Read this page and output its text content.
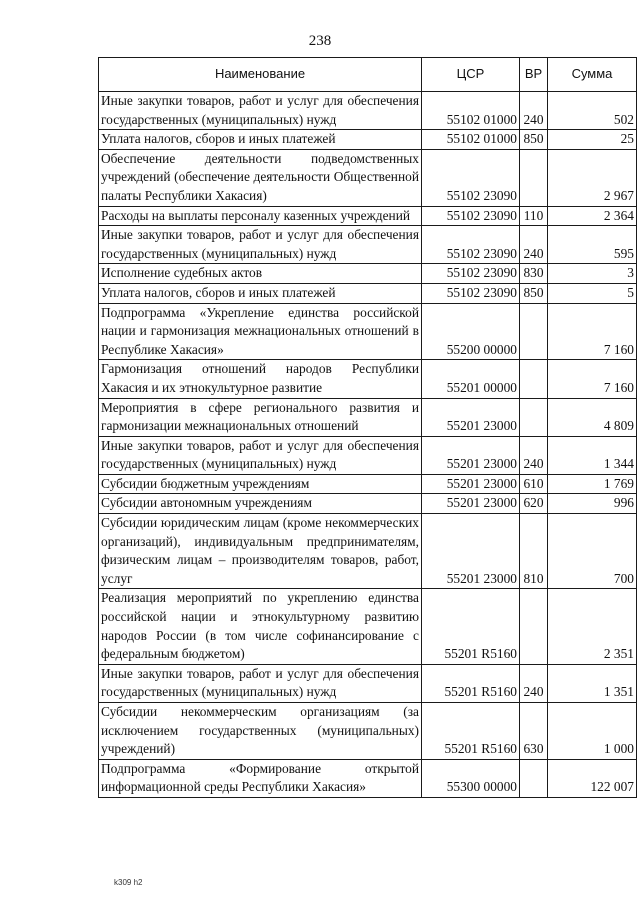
238
Наименование	ЦСР	ВР	Сумма
Иные закупки товаров, работ и услуг для обеспечения государственных (муниципальных) нужд	55102 01000	240	502
Уплата налогов, сборов и иных платежей	55102 01000	850	25
Обеспечение деятельности подведомственных учреждений (обеспечение деятельности Общественной палаты Республики Хакасия)	55102 23090		2 967
Расходы на выплаты персоналу казенных учреждений	55102 23090	110	2 364
Иные закупки товаров, работ и услуг для обеспечения государственных (муниципальных) нужд	55102 23090	240	595
Исполнение судебных актов	55102 23090	830	3
Уплата налогов, сборов и иных платежей	55102 23090	850	5
Подпрограмма «Укрепление единства российской нации и гармонизация межнациональных отношений в Республике Хакасия»	55200 00000		7 160
Гармонизация отношений народов Республики Хакасия и их этнокультурное развитие	55201 00000		7 160
Мероприятия в сфере регионального развития и гармонизации межнациональных отношений	55201 23000		4 809
Иные закупки товаров, работ и услуг для обеспечения государственных (муниципальных) нужд	55201 23000	240	1 344
Субсидии бюджетным учреждениям	55201 23000	610	1 769
Субсидии автономным учреждениям	55201 23000	620	996
Субсидии юридическим лицам (кроме некоммерческих организаций), индивидуальным предпринимателям, физическим лицам – производителям товаров, работ, услуг	55201 23000	810	700
Реализация мероприятий по укреплению единства российской нации и этнокультурному развитию народов России (в том числе софинансирование с федеральным бюджетом)	55201 R5160		2 351
Иные закупки товаров, работ и услуг для обеспечения государственных (муниципальных) нужд	55201 R5160	240	1 351
Субсидии некоммерческим организациям (за исключением государственных (муниципальных) учреждений)	55201 R5160	630	1 000
Подпрограмма «Формирование открытой информационной среды Республики Хакасия»	55300 00000		122 007
k309 h2
